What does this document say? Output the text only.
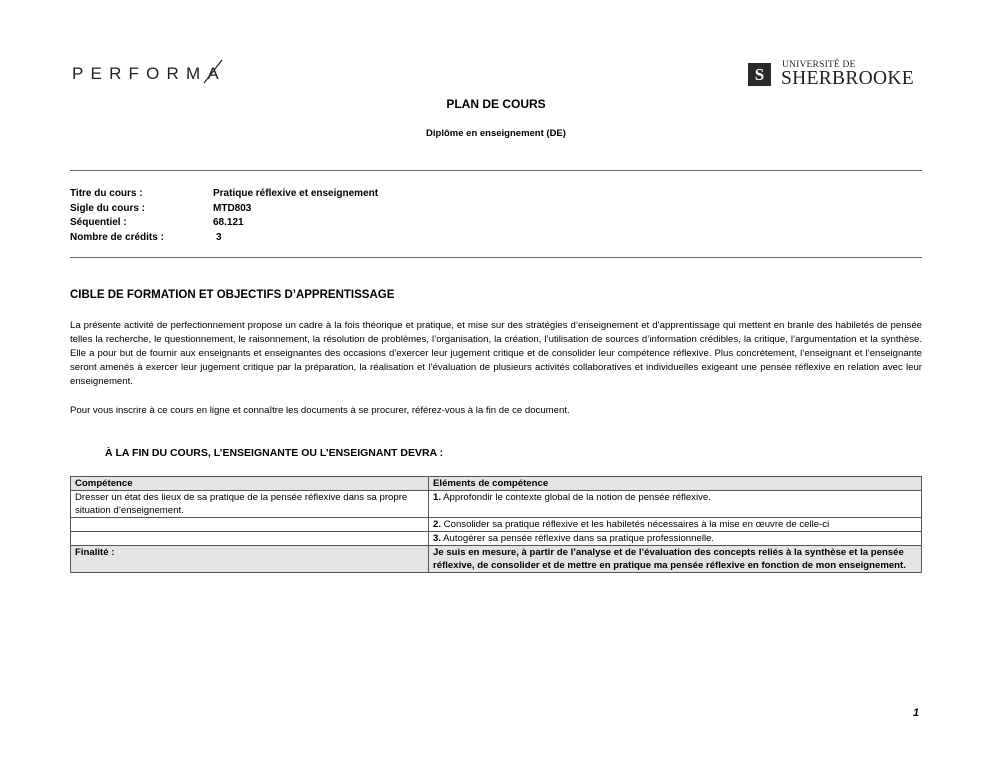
PERFORMA	S	UNIVERSITÉ DE
SHERBROOKE
PLAN DE COURS
Diplôme en enseignement (DE)
Titre du cours :	Pratique réflexive et enseignement
Sigle du cours :	MTD803
Séquentiel :	68.121
Nombre de crédits :	3
CIBLE DE FORMATION ET OBJECTIFS D’APPRENTISSAGE

La présente activité de perfectionnement propose un cadre à la fois théorique et pratique, et mise sur des stratégies d’enseignement et d’apprentissage qui mettent en branle des habiletés de pensée telles la recherche, le questionnement, le raisonnement, la résolution de problèmes, l’organisation, la création, l’utilisation de sources d’information crédibles, la critique, l’argumentation et la synthèse. Elle a pour but de fournir aux enseignants et enseignantes des occasions d’exercer leur jugement critique et de consolider leur compétence réflexive. Plus concrètement, l’enseignant et l’enseignante seront amenés à exercer leur jugement critique par la préparation, la réalisation et l’évaluation de plusieurs activités collaboratives et individuelles exigeant une pensée réflexive en relation avec leur enseignement.

Pour vous inscrire à ce cours en ligne et connaître les documents à se procurer, référez-vous à la fin de ce document.

À LA FIN DU COURS, L’ENSEIGNANTE OU L’ENSEIGNANT DEVRA :
Compétence	Eléments de compétence
Dresser un état des lieux de sa pratique de la pensée réflexive dans sa propre situation d’enseignement.	1. Approfondir le contexte global de la notion de pensée réflexive.
	2. Consolider sa pratique réflexive et les habiletés nécessaires à la mise en œuvre de celle-ci
	3. Autogérer sa pensée réflexive dans sa pratique professionnelle.
Finalité :	Je suis en mesure, à partir de l’analyse et de l’évaluation des concepts reliés à la synthèse et la pensée réflexive, de consolider et de mettre en pratique ma pensée réflexive en fonction de mon enseignement.
1
